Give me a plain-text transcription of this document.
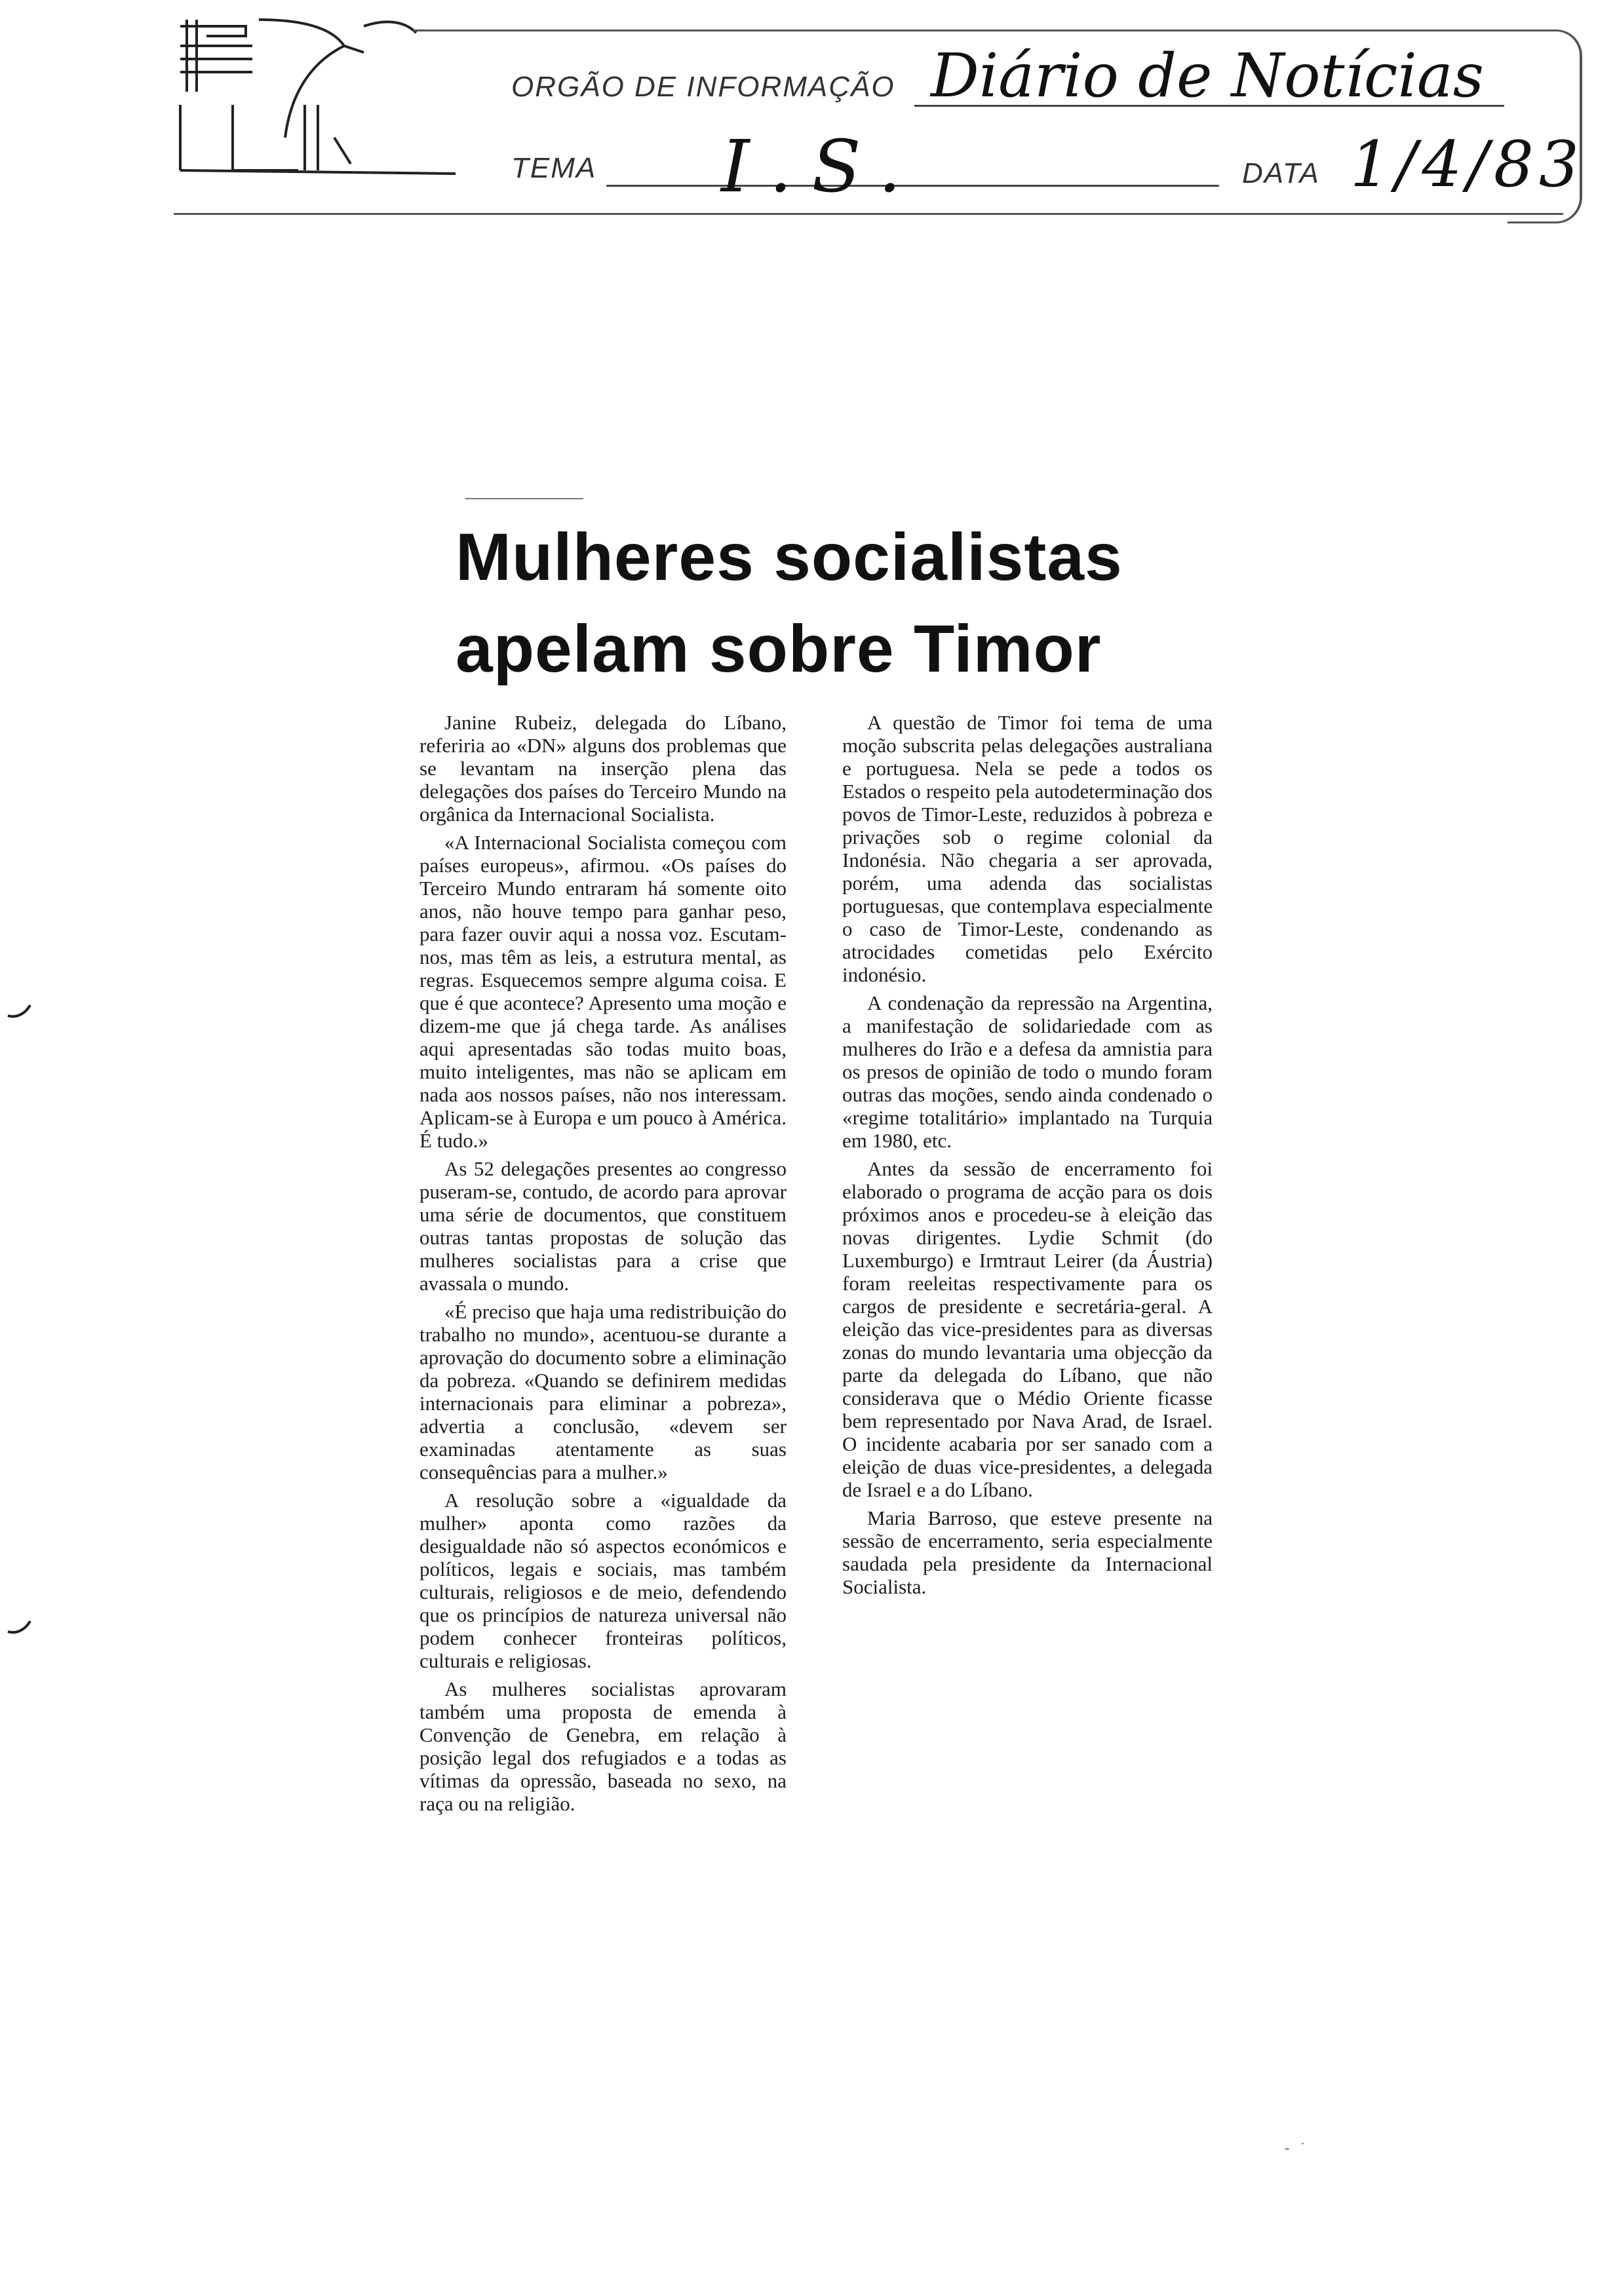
ORGÃO DE INFORMAÇÃO Diário de Notícias
TEMA I.S.	DATA 1/4/83
Mulheres socialistas
apelam sobre Timor

Janine Rubeiz, delegada do Líbano, referiria ao «DN» alguns dos problemas que se levantam na inserção plena das delegações dos países do Terceiro Mundo na orgânica da Internacional Socialista.

«A Internacional Socialista começou com países europeus», afirmou. «Os países do Terceiro Mundo entraram há somente oito anos, não houve tempo para ganhar peso, para fazer ouvir aqui a nossa voz. Escutam-nos, mas têm as leis, a estrutura mental, as regras. Esquecemos sempre alguma coisa. E que é que acontece? Apresento uma moção e dizem-me que já chega tarde. As análises aqui apresentadas são todas muito boas, muito inteligentes, mas não se aplicam em nada aos nossos países, não nos interessam. Aplicam-se à Europa e um pouco à América. É tudo.»

As 52 delegações presentes ao congresso puseram-se, contudo, de acordo para aprovar uma série de documentos, que constituem outras tantas propostas de solução das mulheres socialistas para a crise que avassala o mundo.

«É preciso que haja uma redistribuição do trabalho no mundo», acentuou-se durante a aprovação do documento sobre a eliminação da pobreza. «Quando se definirem medidas internacionais para eliminar a pobreza», advertia a conclusão, «devem ser examinadas atentamente as suas consequências para a mulher.»

A resolução sobre a «igualdade da mulher» aponta como razões da desigualdade não só aspectos económicos e políticos, legais e sociais, mas também culturais, religiosos e de meio, defendendo que os princípios de natureza universal não podem conhecer fronteiras políticos, culturais e religiosas.

As mulheres socialistas aprovaram também uma proposta de emenda à Convenção de Genebra, em relação à posição legal dos refugiados e a todas as vítimas da opressão, baseada no sexo, na raça ou na religião.

A questão de Timor foi tema de uma moção subscrita pelas delegações australiana e portuguesa. Nela se pede a todos os Estados o respeito pela autodeterminação dos povos de Timor-Leste, reduzidos à pobreza e privações sob o regime colonial da Indonésia. Não chegaria a ser aprovada, porém, uma adenda das socialistas portuguesas, que contemplava especialmente o caso de Timor-Leste, condenando as atrocidades cometidas pelo Exército indonésio.

A condenação da repressão na Argentina, a manifestação de solidariedade com as mulheres do Irão e a defesa da amnistia para os presos de opinião de todo o mundo foram outras das moções, sendo ainda condenado o «regime totalitário» implantado na Turquia em 1980, etc.

Antes da sessão de encerramento foi elaborado o programa de acção para os dois próximos anos e procedeu-se à eleição das novas dirigentes. Lydie Schmit (do Luxemburgo) e Irmtraut Leirer (da Áustria) foram reeleitas respectivamente para os cargos de presidente e secretária-geral. A eleição das vice-presidentes para as diversas zonas do mundo levantaria uma objecção da parte da delegada do Líbano, que não considerava que o Médio Oriente ficasse bem representado por Nava Arad, de Israel. O incidente acabaria por ser sanado com a eleição de duas vice-presidentes, a delegada de Israel e a do Líbano.

Maria Barroso, que esteve presente na sessão de encerramento, seria especialmente saudada pela presidente da Internacional Socialista.

-   ˙
